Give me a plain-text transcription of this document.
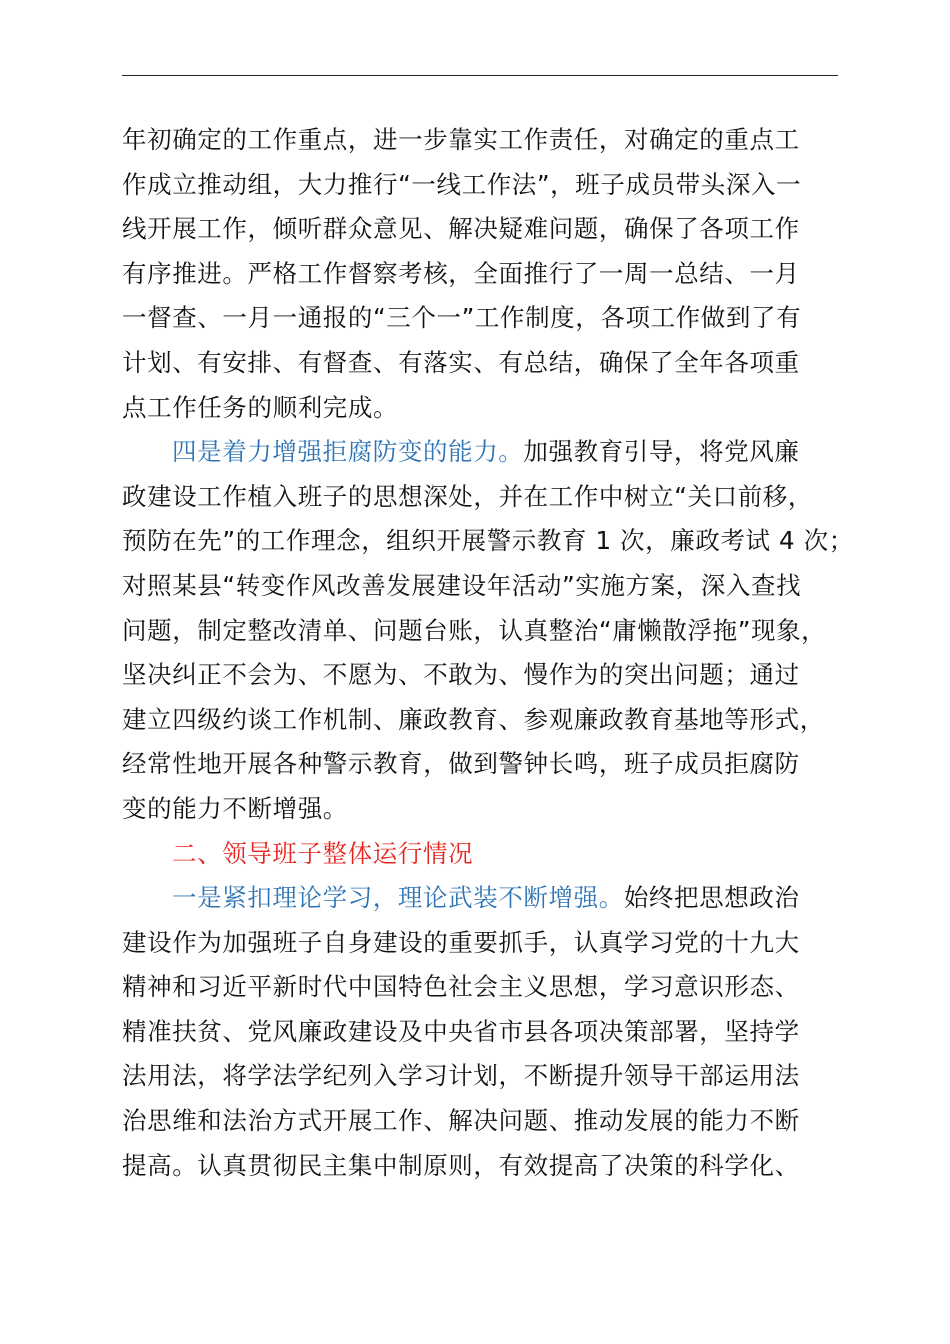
年初确定的工作重点，进一步靠实工作责任，对确定的重点工
作成立推动组，大力推行“一线工作法”，班子成员带头深入一
线开展工作，倾听群众意见、解决疑难问题，确保了各项工作
有序推进。严格工作督察考核，全面推行了一周一总结、一月
一督查、一月一通报的“三个一”工作制度，各项工作做到了有
计划、有安排、有督查、有落实、有总结，确保了全年各项重
点工作任务的顺利完成。
四是着力增强拒腐防变的能力。加强教育引导，将党风廉
政建设工作植入班子的思想深处，并在工作中树立“关口前移，
预防在先”的工作理念，组织开展警示教育 1 次，廉政考试 4 次；
对照某县“转变作风改善发展建设年活动”实施方案，深入查找
问题，制定整改清单、问题台账，认真整治“庸懒散浮拖”现象，
坚决纠正不会为、不愿为、不敢为、慢作为的突出问题；通过
建立四级约谈工作机制、廉政教育、参观廉政教育基地等形式，
经常性地开展各种警示教育，做到警钟长鸣，班子成员拒腐防
变的能力不断增强。
二、领导班子整体运行情况
一是紧扣理论学习，理论武装不断增强。始终把思想政治
建设作为加强班子自身建设的重要抓手，认真学习党的十九大
精神和习近平新时代中国特色社会主义思想，学习意识形态、
精准扶贫、党风廉政建设及中央省市县各项决策部署，坚持学
法用法，将学法学纪列入学习计划，不断提升领导干部运用法
治思维和法治方式开展工作、解决问题、推动发展的能力不断
提高。认真贯彻民主集中制原则，有效提高了决策的科学化、
